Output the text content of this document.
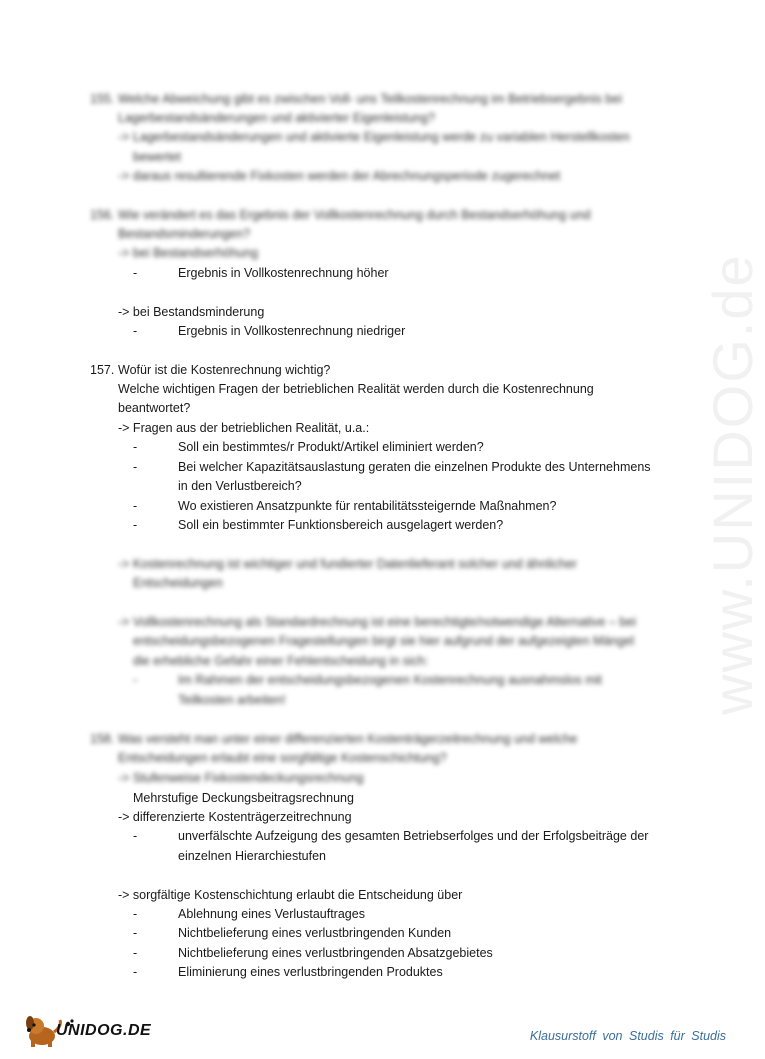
www.UNIDOG.de
155. Welche Abweichung gibt es zwischen Voll- uns Teilkostenrechnung im Betriebsergebnis bei
Lagerbestandsänderungen und aktivierter Eigenleistung?
-> Lagerbestandsänderungen und aktivierte Eigenleistung werde zu variablen Herstellkosten
bewertet
-> daraus resultierende Fixkosten werden der Abrechnungsperiode zugerechnet
156. Wie verändert es das Ergebnis der Vollkostenrechnung durch Bestandserhöhung und
Bestandsminderungen?
-> bei Bestandserhöhung
-	Ergebnis in Vollkostenrechnung höher
-> bei Bestandsminderung
-	Ergebnis in Vollkostenrechnung niedriger
157. Wofür ist die Kostenrechnung wichtig?
Welche wichtigen Fragen der betrieblichen Realität werden durch die Kostenrechnung
beantwortet?
-> Fragen aus der betrieblichen Realität, u.a.:
-	Soll ein bestimmtes/r Produkt/Artikel eliminiert werden?
-	Bei welcher Kapazitätsauslastung geraten die einzelnen Produkte des Unternehmens
in den Verlustbereich?
-	Wo existieren Ansatzpunkte für rentabilitätssteigernde Maßnahmen?
-	Soll ein bestimmter Funktionsbereich ausgelagert werden?
-> Kostenrechnung ist wichtiger und fundierter Datenlieferant solcher und ähnlicher
Entscheidungen
-> Vollkostenrechnung als Standardrechnung ist eine berechtigte/notwendige Alternative – bei
entscheidungsbezogenen Fragestellungen birgt sie hier aufgrund der aufgezeigten Mängel
die erhebliche Gefahr einer Fehlentscheidung in sich:
-	Im Rahmen der entscheidungsbezogenen Kostenrechnung ausnahmslos mit
Teilkosten arbeiten!
158. Was versteht man unter einer differenzierten Kostenträgerzeitrechnung und welche
Entscheidungen erlaubt eine sorgfältige Kostenschichtung?
-> Stufenweise Fixkostendeckungsrechnung
Mehrstufige Deckungsbeitragsrechnung
-> differenzierte Kostenträgerzeitrechnung
-	unverfälschte Aufzeigung des gesamten Betriebserfolges und der Erfolgsbeiträge der
einzelnen Hierarchiestufen
-> sorgfältige Kostenschichtung erlaubt die Entscheidung über
-	Ablehnung eines Verlustauftrages
-	Nichtbelieferung eines verlustbringenden Kunden
-	Nichtbelieferung eines verlustbringenden Absatzgebietes
-	Eliminierung eines verlustbringenden Produktes
UNIDOG.DE	Klausurstoff von Studis für Studis
